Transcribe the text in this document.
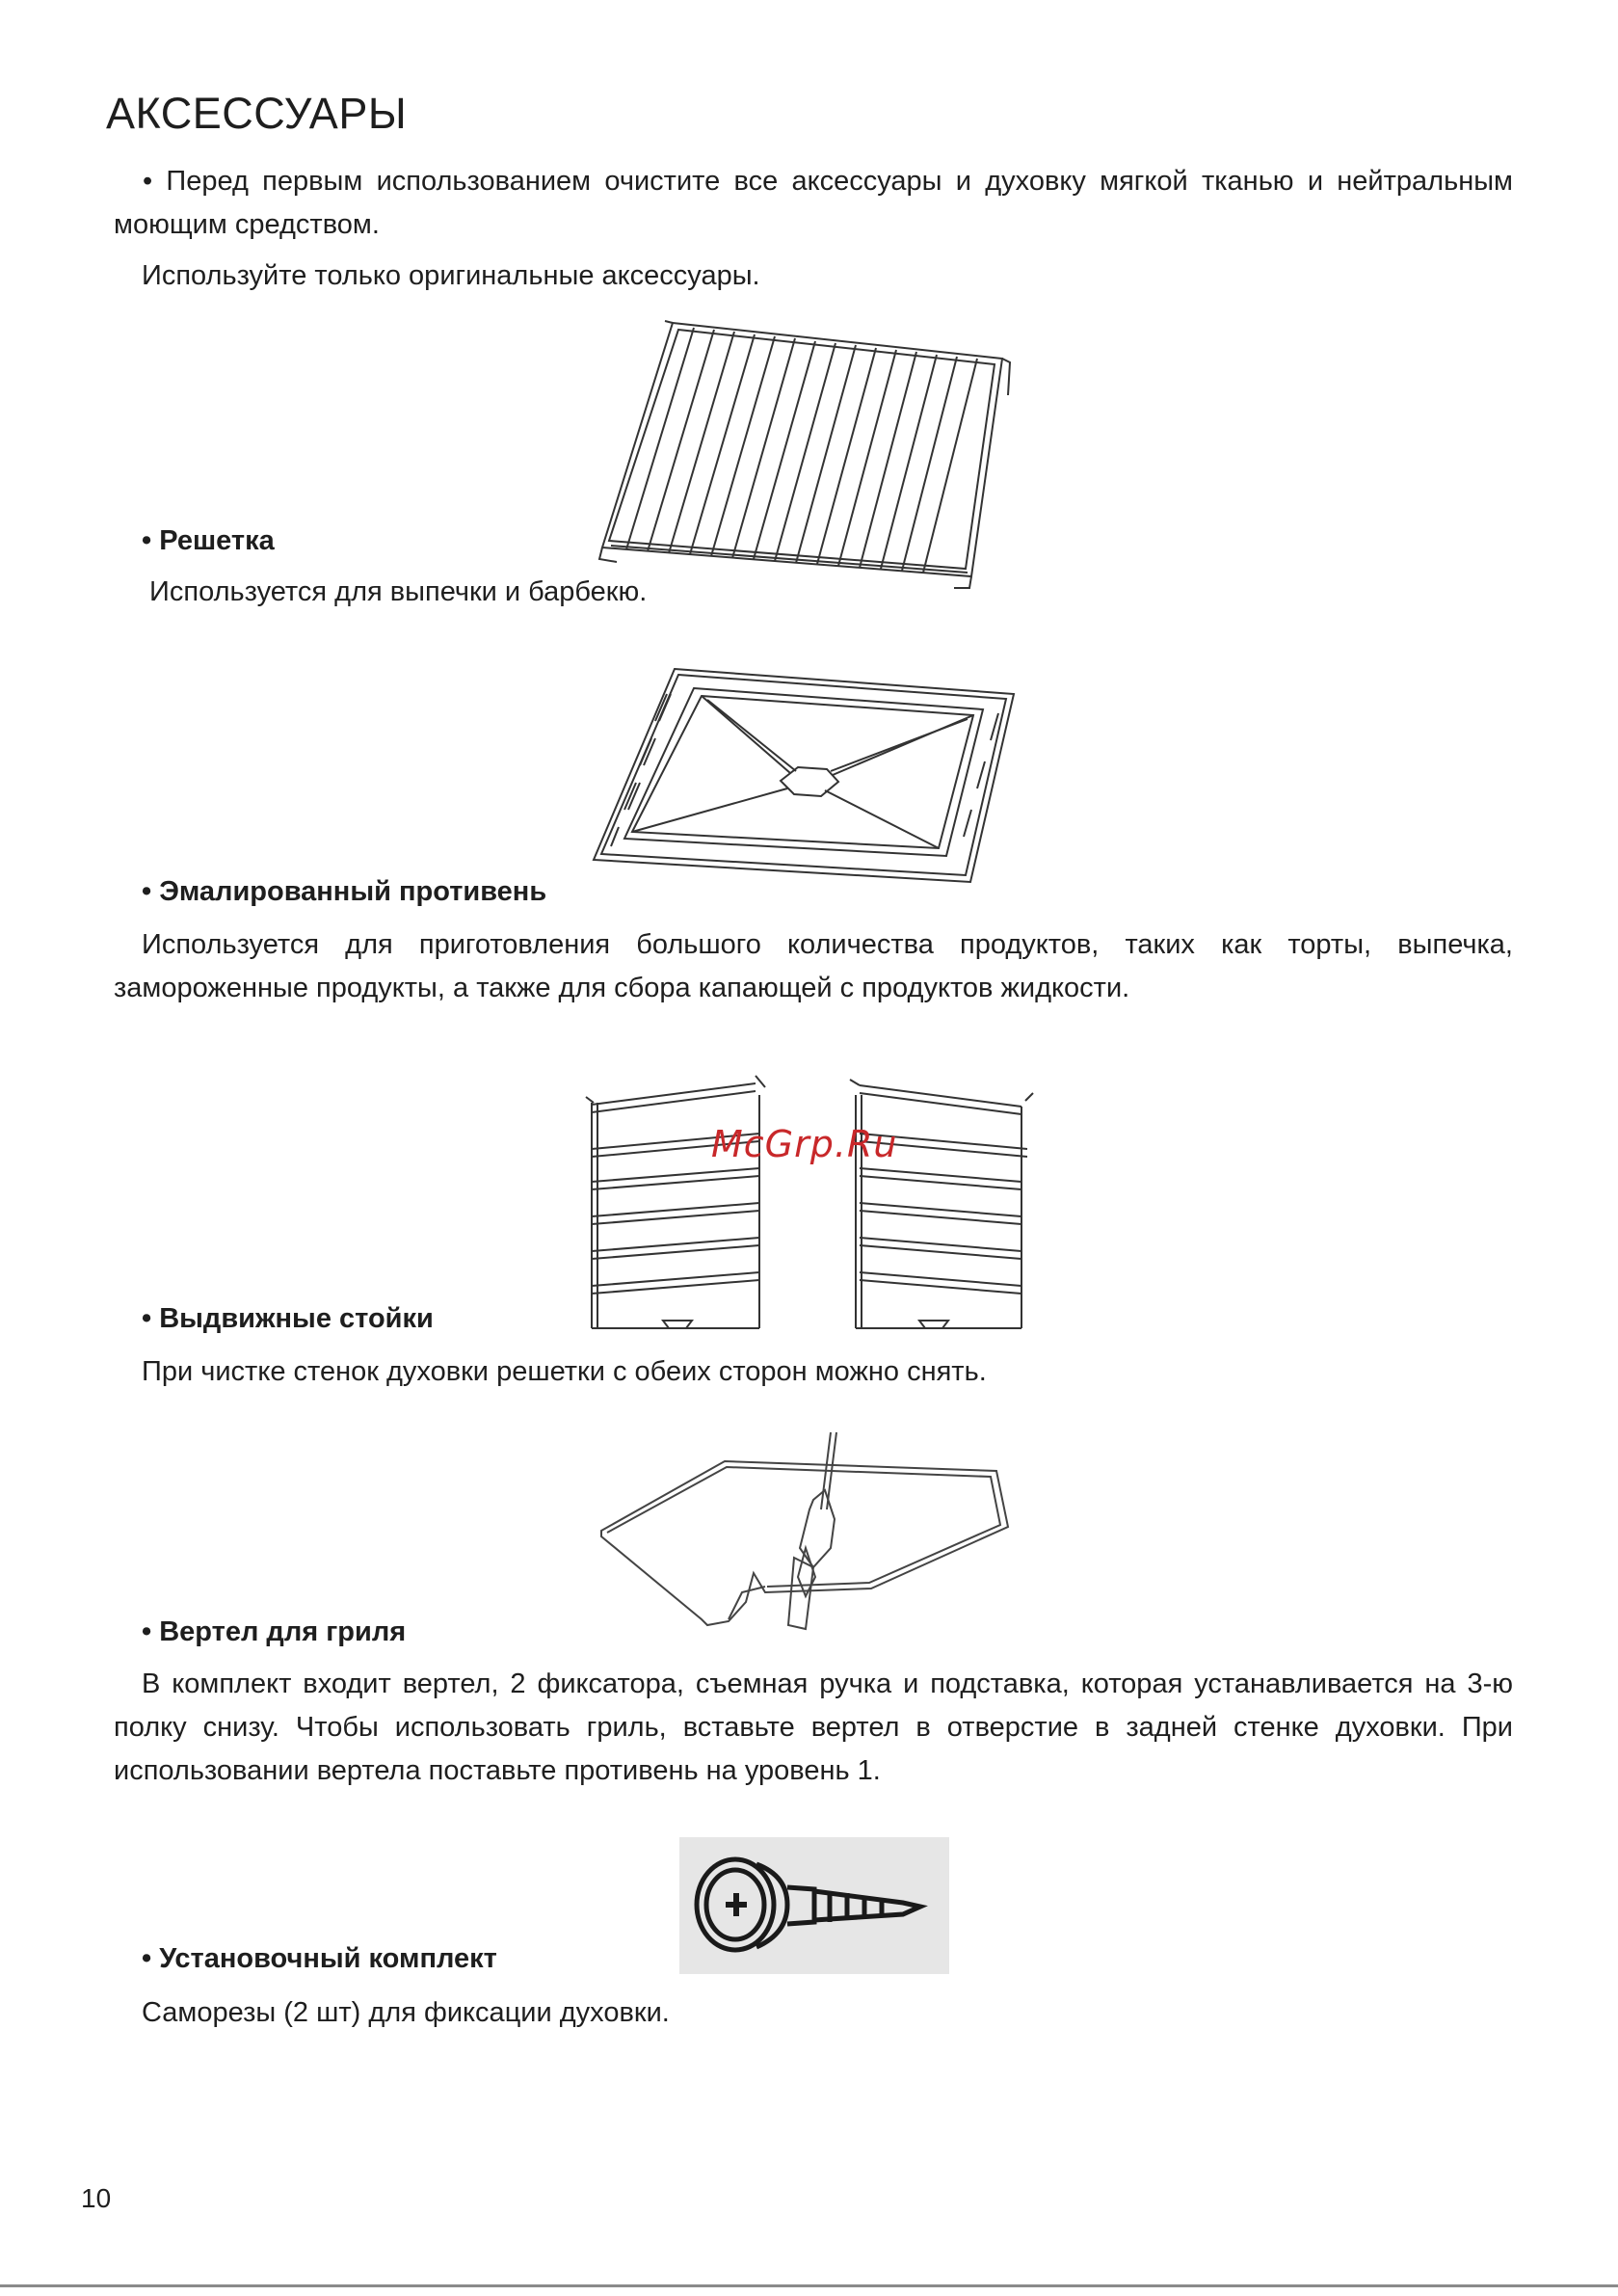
АКСЕССУАРЫ

• Перед первым использованием очистите все аксессуары и духовку мягкой тканью и нейтральным моющим средством.

Используйте только оригинальные аксессуары.

• Решетка

Используется для выпечки и барбекю.

• Эмалированный противень

Используется для приготовления большого количества продуктов, таких как торты, выпечка, замороженные продукты, а также для сбора капающей с продуктов жидкости.

McGrp.Ru

• Выдвижные стойки

При чистке стенок духовки решетки с обеих сторон можно снять.

• Вертел для гриля

В комплект входит вертел, 2 фиксатора, съемная ручка и подставка, которая устанавливается на 3-ю полку снизу. Чтобы использовать гриль, вставьте вертел в отверстие в задней стенке духовки. При использовании вертела поставьте противень на уровень 1.

• Установочный комплект

Саморезы (2 шт) для фиксации духовки.

10
